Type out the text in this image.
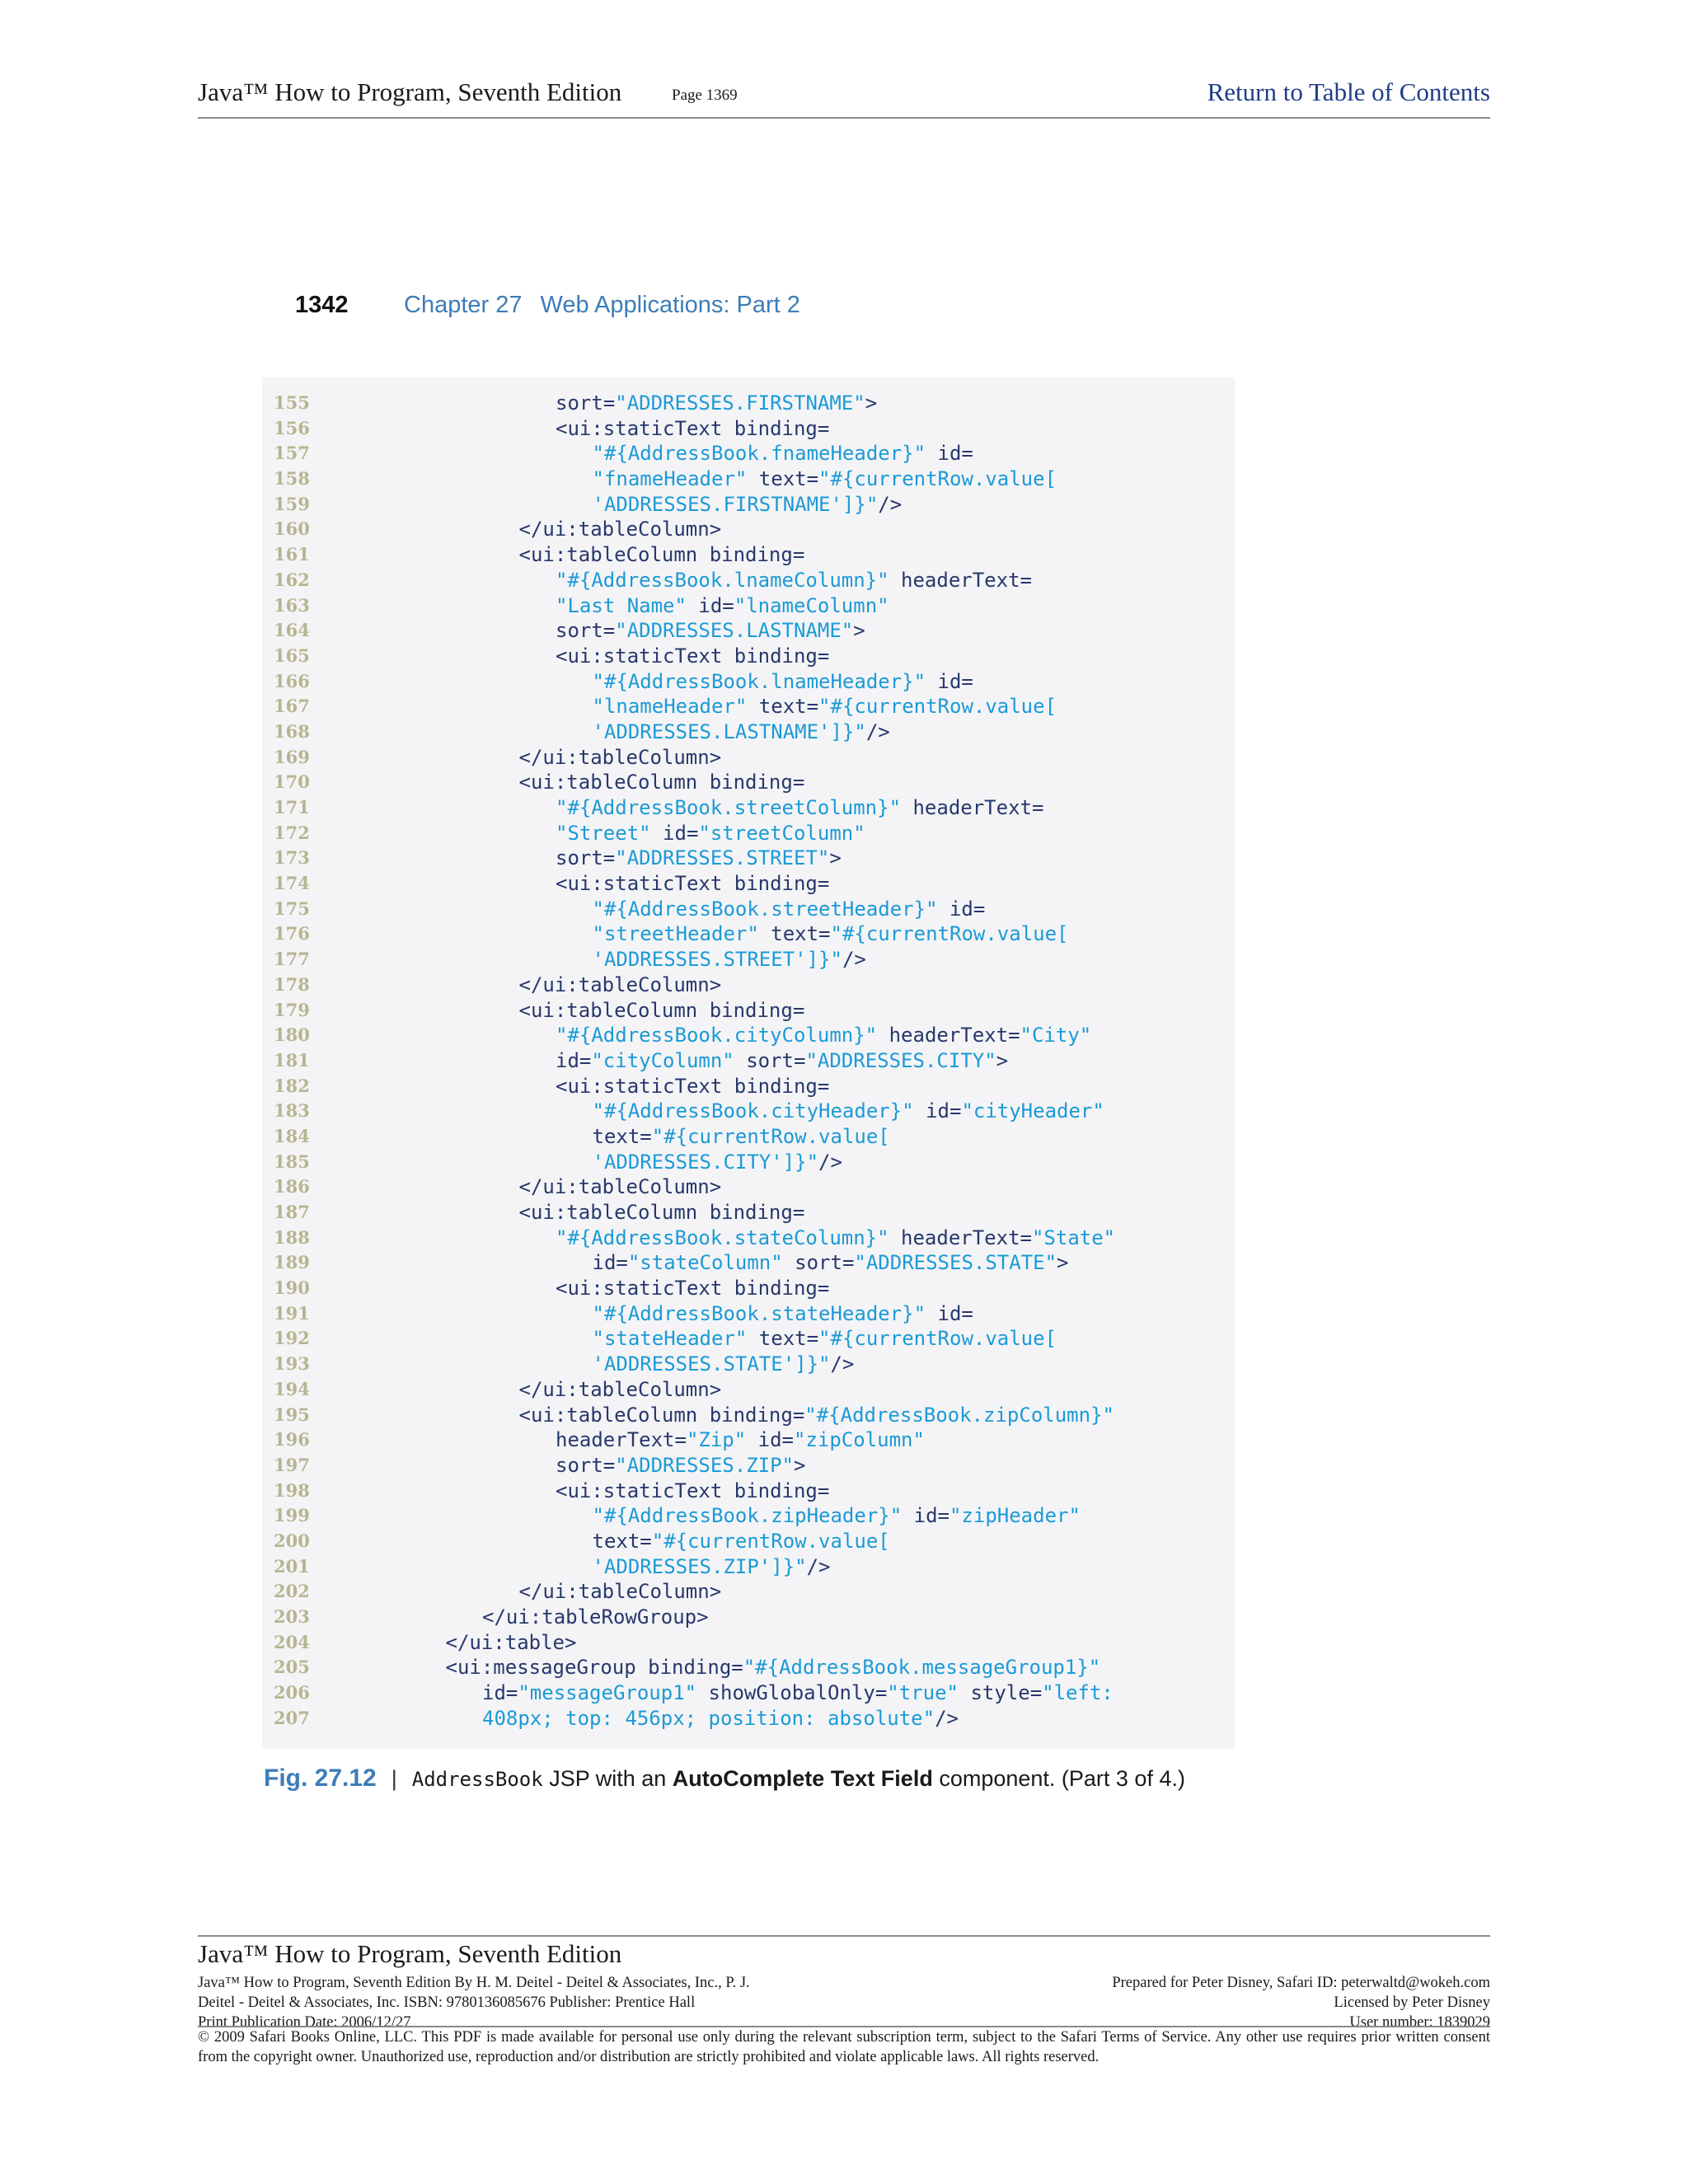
Java™ How to Program, Seventh Edition	Page 1369	Return to Table of Contents
1342 Chapter 27 Web Applications: Part 2
155	sort="ADDRESSES.FIRSTNAME">
156	<ui:staticText binding=
157	"#{AddressBook.fnameHeader}" id=
158	"fnameHeader" text="#{currentRow.value[
159	'ADDRESSES.FIRSTNAME']}"/>
160	</ui:tableColumn>
161	<ui:tableColumn binding=
162	"#{AddressBook.lnameColumn}" headerText=
163	"Last Name" id="lnameColumn"
164	sort="ADDRESSES.LASTNAME">
165	<ui:staticText binding=
166	"#{AddressBook.lnameHeader}" id=
167	"lnameHeader" text="#{currentRow.value[
168	'ADDRESSES.LASTNAME']}"/>
169	</ui:tableColumn>
170	<ui:tableColumn binding=
171	"#{AddressBook.streetColumn}" headerText=
172	"Street" id="streetColumn"
173	sort="ADDRESSES.STREET">
174	<ui:staticText binding=
175	"#{AddressBook.streetHeader}" id=
176	"streetHeader" text="#{currentRow.value[
177	'ADDRESSES.STREET']}"/>
178	</ui:tableColumn>
179	<ui:tableColumn binding=
180	"#{AddressBook.cityColumn}" headerText="City"
181	id="cityColumn" sort="ADDRESSES.CITY">
182	<ui:staticText binding=
183	"#{AddressBook.cityHeader}" id="cityHeader"
184	text="#{currentRow.value[
185	'ADDRESSES.CITY']}"/>
186	</ui:tableColumn>
187	<ui:tableColumn binding=
188	"#{AddressBook.stateColumn}" headerText="State"
189	id="stateColumn" sort="ADDRESSES.STATE">
190	<ui:staticText binding=
191	"#{AddressBook.stateHeader}" id=
192	"stateHeader" text="#{currentRow.value[
193	'ADDRESSES.STATE']}"/>
194	</ui:tableColumn>
195	<ui:tableColumn binding="#{AddressBook.zipColumn}"
196	headerText="Zip" id="zipColumn"
197	sort="ADDRESSES.ZIP">
198	<ui:staticText binding=
199	"#{AddressBook.zipHeader}" id="zipHeader"
200	text="#{currentRow.value[
201	'ADDRESSES.ZIP']}"/>
202	</ui:tableColumn>
203	</ui:tableRowGroup>
204	</ui:table>
205	<ui:messageGroup binding="#{AddressBook.messageGroup1}"
206	id="messageGroup1" showGlobalOnly="true" style="left:
207	408px; top: 456px; position: absolute"/>
Fig. 27.12 | AddressBook JSP with an AutoComplete Text Field component. (Part 3 of 4.)
Java™ How to Program, Seventh Edition
Java™ How to Program, Seventh Edition By H. M. Deitel - Deitel & Associates, Inc., P. J.
Deitel - Deitel & Associates, Inc. ISBN: 9780136085676 Publisher: Prentice Hall
Print Publication Date: 2006/12/27
Prepared for Peter Disney, Safari ID: peterwaltd@wokeh.com
Licensed by Peter Disney
User number: 1839029
© 2009 Safari Books Online, LLC. This PDF is made available for personal use only during the relevant subscription term, subject to the Safari Terms of Service. Any other use requires prior written consent from the copyright owner. Unauthorized use, reproduction and/or distribution are strictly prohibited and violate applicable laws. All rights reserved.
